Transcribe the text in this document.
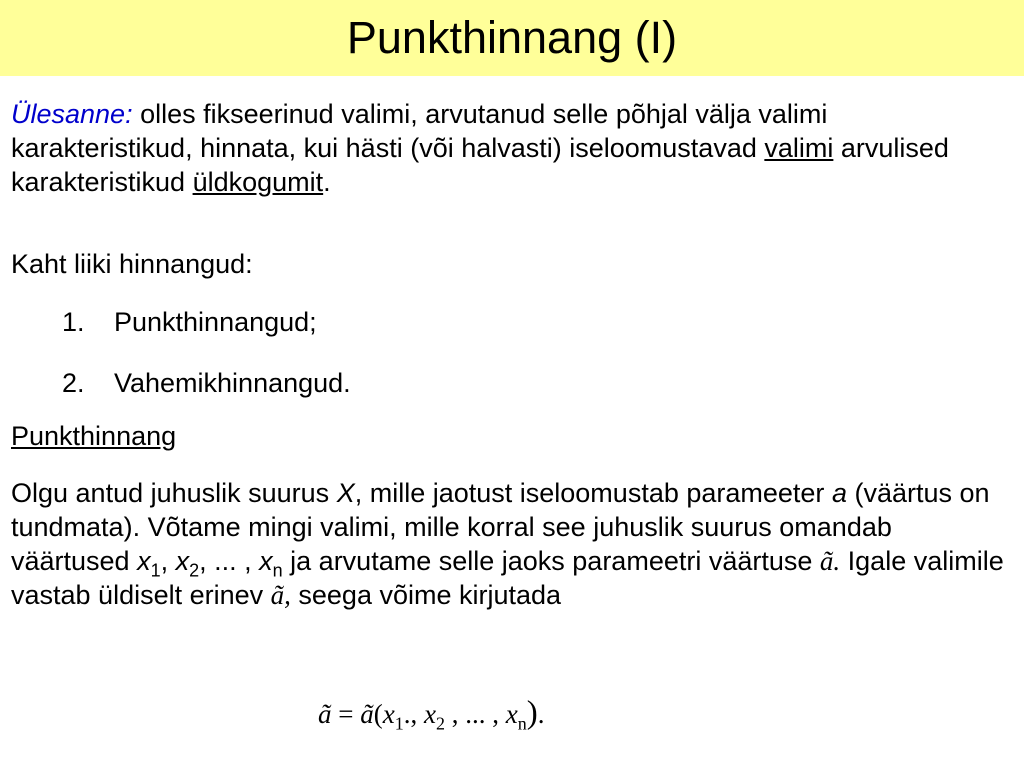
Punkthinnang (I)
Ülesanne: olles fikseerinud valimi, arvutanud selle põhjal välja valimi karakteristikud, hinnata, kui hästi (või halvasti) iseloomustavad valimi arvulised karakteristikud üldkogumit.
Kaht liiki hinnangud:
1. Punkthinnangud;
2. Vahemikhinnangud.
Punkthinnang
Olgu antud juhuslik suurus X, mille jaotust iseloomustab parameeter a (väärtus on tundmata). Võtame mingi valimi, mille korral see juhuslik suurus omandab väärtused $x_1$, $x_2$, ... , $x_n$ ja arvutame selle jaoks parameetri väärtuse ã. Igale valimile vastab üldiselt erinev ã, seega võime kirjutada
ã = $ã(x_1$., $x_2$ , ... , $x_n$).
